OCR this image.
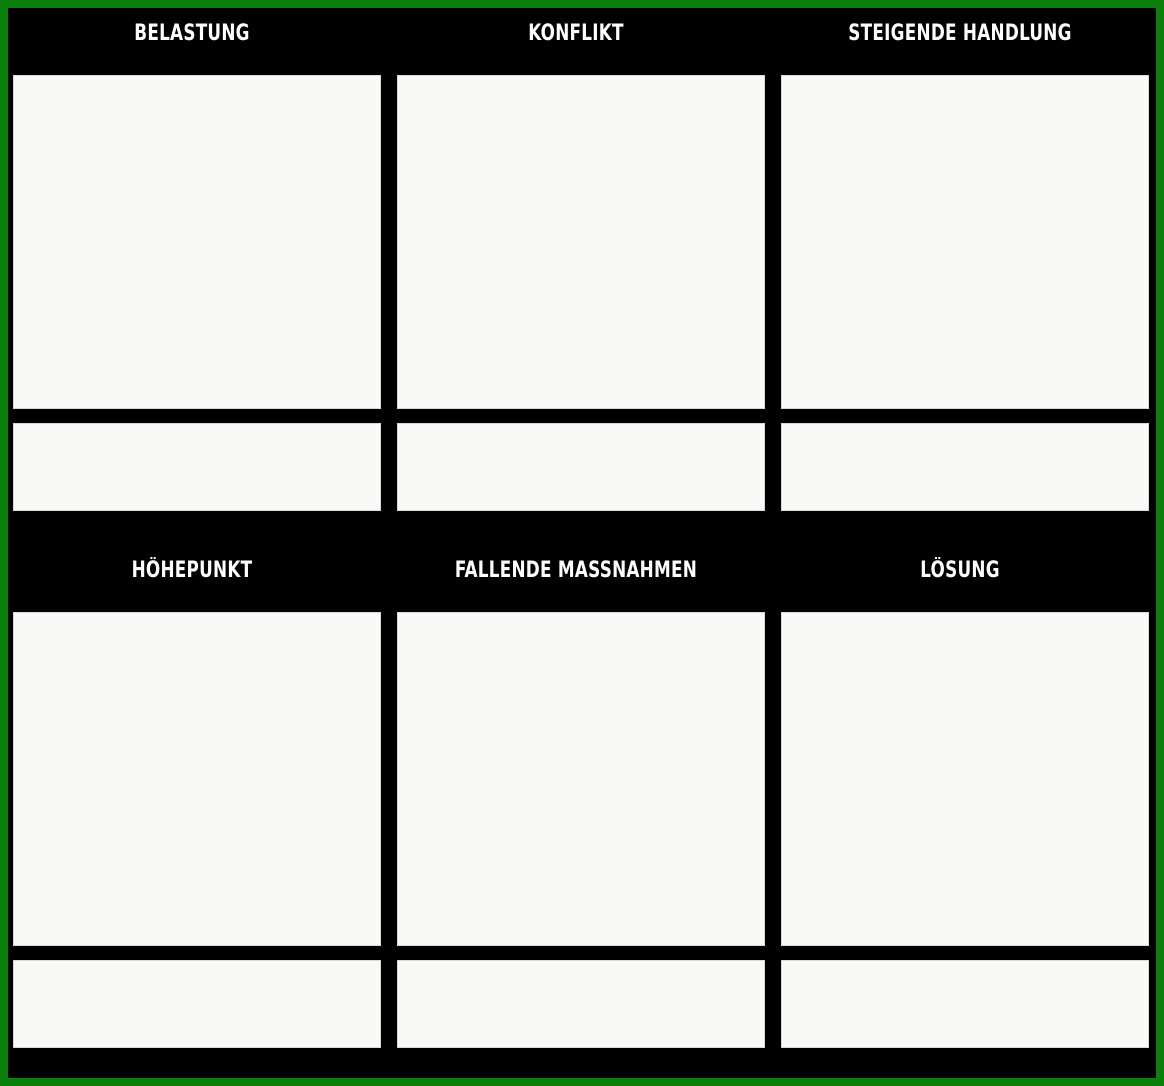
BELASTUNG	KONFLIKT	STEIGENDE HANDLUNG
HÖHEPUNKT	FALLENDE MASSNAHMEN	LÖSUNG
